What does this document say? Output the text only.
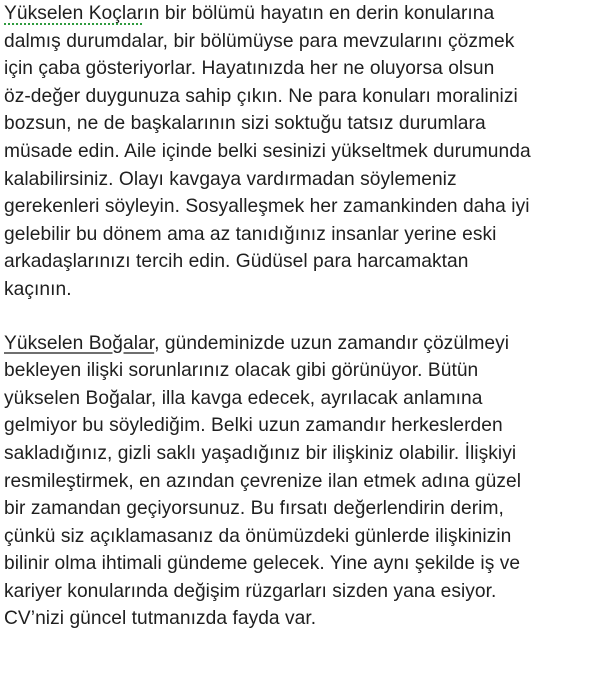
Yükselen Koçların bir bölümü hayatın en derin konularına
dalmış durumdalar, bir bölümüyse para mevzularını çözmek
için çaba gösteriyorlar. Hayatınızda her ne oluyorsa olsun
öz-değer duygunuza sahip çıkın. Ne para konuları moralinizi
bozsun, ne de başkalarının sizi soktuğu tatsız durumlara
müsade edin. Aile içinde belki sesinizi yükseltmek durumunda
kalabilirsiniz. Olayı kavgaya vardırmadan söylemeniz
gerekenleri söyleyin. Sosyalleşmek her zamankinden daha iyi
gelebilir bu dönem ama az tanıdığınız insanlar yerine eski
arkadaşlarınızı tercih edin. Güdüsel para harcamaktan
kaçının.
Yükselen Boğalar, gündeminizde uzun zamandır çözülmeyi
bekleyen ilişki sorunlarınız olacak gibi görünüyor. Bütün
yükselen Boğalar, illa kavga edecek, ayrılacak anlamına
gelmiyor bu söylediğim. Belki uzun zamandır herkeslerden
sakladığınız, gizli saklı yaşadığınız bir ilişkiniz olabilir. İlişkiyi
resmileştirmek, en azından çevrenize ilan etmek adına güzel
bir zamandan geçiyorsunuz. Bu fırsatı değerlendirin derim,
çünkü siz açıklamasanız da önümüzdeki günlerde ilişkinizin
bilinir olma ihtimali gündeme gelecek. Yine aynı şekilde iş ve
kariyer konularında değişim rüzgarları sizden yana esiyor.
CV’nizi güncel tutmanızda fayda var.
